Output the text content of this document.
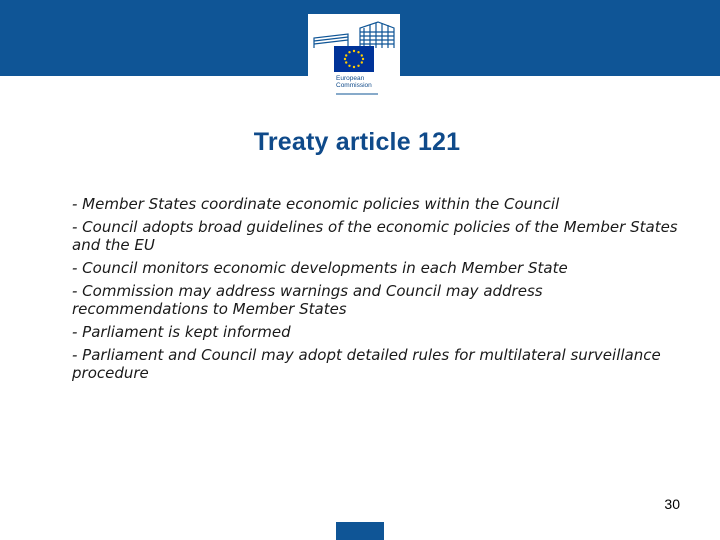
European
Commission
Treaty article 121
- Member States coordinate economic policies within the Council
- Council adopts broad guidelines of the economic policies of the Member States and the EU
- Council monitors economic developments in each Member State
- Commission may address warnings and Council may address recommendations to Member States
- Parliament is kept informed
- Parliament and Council may adopt detailed rules for multilateral surveillance procedure
30
